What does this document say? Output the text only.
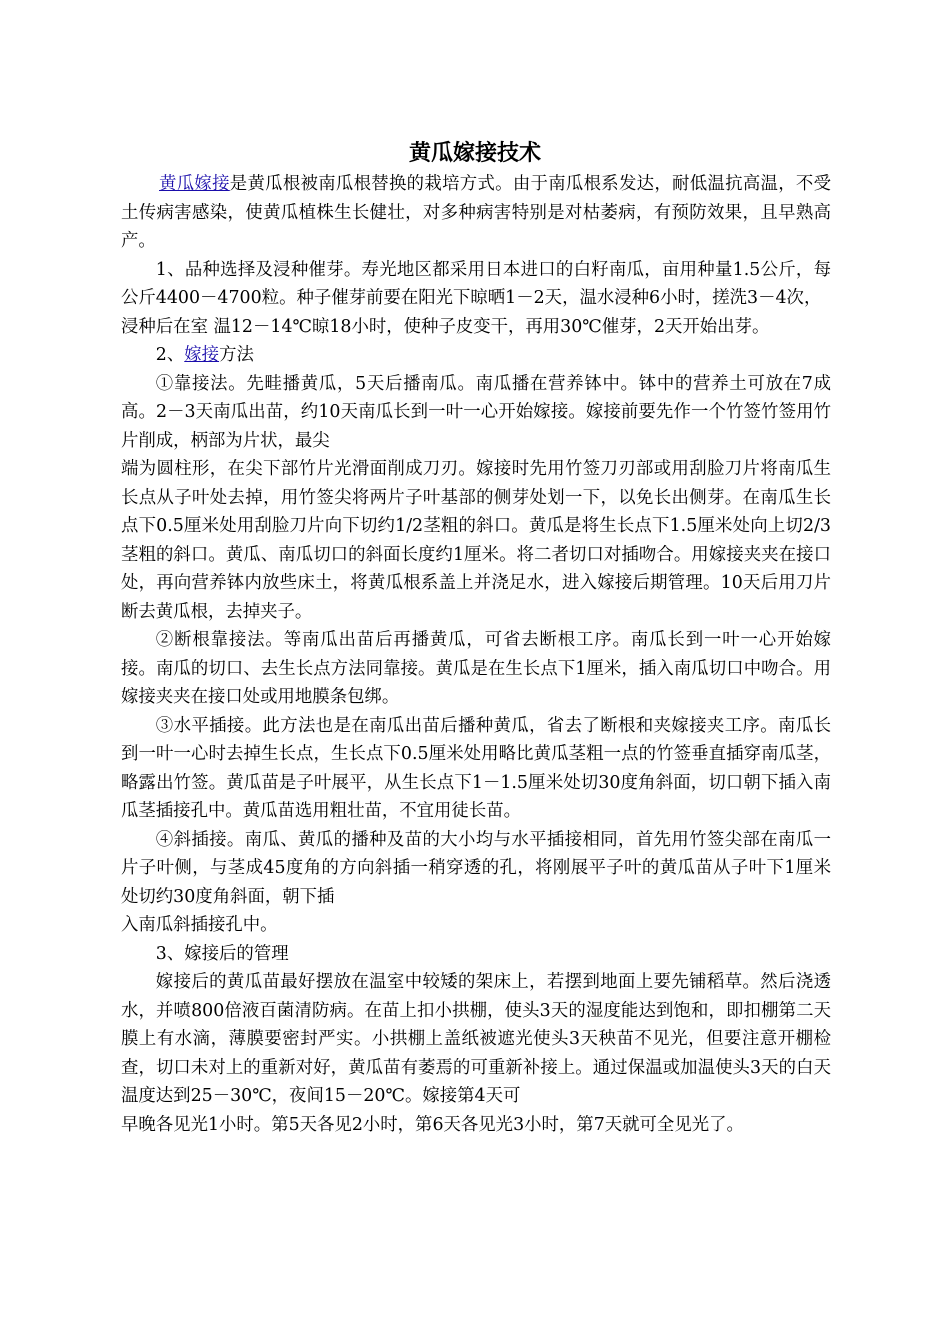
黄瓜嫁接技术

黄瓜嫁接是黄瓜根被南瓜根替换的栽培方式。由于南瓜根系发达，耐低温抗高温，不受土传病害感染，使黄瓜植株生长健壮，对多种病害特别是对枯萎病，有预防效果，且早熟高产。

1、品种选择及浸种催芽。寿光地区都采用日本进口的白籽南瓜，亩用种量1.5公斤，每公斤4400－4700粒。种子催芽前要在阳光下晾晒1－2天，温水浸种6小时，搓洗3－4次，

浸种后在室 温12－14℃晾18小时，使种子皮变干，再用30℃催芽，2天开始出芽。

2、嫁接方法

①靠接法。先畦播黄瓜，5天后播南瓜。南瓜播在营养钵中。钵中的营养土可放在7成高。2－3天南瓜出苗，约10天南瓜长到一叶一心开始嫁接。嫁接前要先作一个竹签竹签用竹片削成，柄部为片状，最尖

端为圆柱形，在尖下部竹片光滑面削成刀刃。嫁接时先用竹签刀刃部或用刮脸刀片将南瓜生长点从子叶处去掉，用竹签尖将两片子叶基部的侧芽处划一下，以免长出侧芽。在南瓜生长点下0.5厘米处用刮脸刀片向下切约1/2茎粗的斜口。黄瓜是将生长点下1.5厘米处向上切2/3茎粗的斜口。黄瓜、南瓜切口的斜面长度约1厘米。将二者切口对插吻合。用嫁接夹夹在接口处，再向营养钵内放些床土，将黄瓜根系盖上并浇足水，进入嫁接后期管理。10天后用刀片断去黄瓜根，去掉夹子。

②断根靠接法。等南瓜出苗后再播黄瓜，可省去断根工序。南瓜长到一叶一心开始嫁接。南瓜的切口、去生长点方法同靠接。黄瓜是在生长点下1厘米，插入南瓜切口中吻合。用嫁接夹夹在接口处或用地膜条包绑。

③水平插接。此方法也是在南瓜出苗后播种黄瓜，省去了断根和夹嫁接夹工序。南瓜长到一叶一心时去掉生长点，生长点下0.5厘米处用略比黄瓜茎粗一点的竹签垂直插穿南瓜茎，略露出竹签。黄瓜苗是子叶展平，从生长点下1－1.5厘米处切30度角斜面，切口朝下插入南瓜茎插接孔中。黄瓜苗选用粗壮苗，不宜用徒长苗。

④斜插接。南瓜、黄瓜的播种及苗的大小均与水平插接相同，首先用竹签尖部在南瓜一片子叶侧，与茎成45度角的方向斜插一稍穿透的孔，将刚展平子叶的黄瓜苗从子叶下1厘米处切约30度角斜面，朝下插

入南瓜斜插接孔中。

3、嫁接后的管理

嫁接后的黄瓜苗最好摆放在温室中较矮的架床上，若摆到地面上要先铺稻草。然后浇透水，并喷800倍液百菌清防病。在苗上扣小拱棚，使头3天的湿度能达到饱和，即扣棚第二天膜上有水滴，薄膜要密封严实。小拱棚上盖纸被遮光使头3天秧苗不见光，但要注意开棚检查，切口未对上的重新对好，黄瓜苗有萎焉的可重新补接上。通过保温或加温使头3天的白天温度达到25－30℃，夜间15－20℃。嫁接第4天可

早晚各见光1小时。第5天各见2小时，第6天各见光3小时，第7天就可全见光了。
